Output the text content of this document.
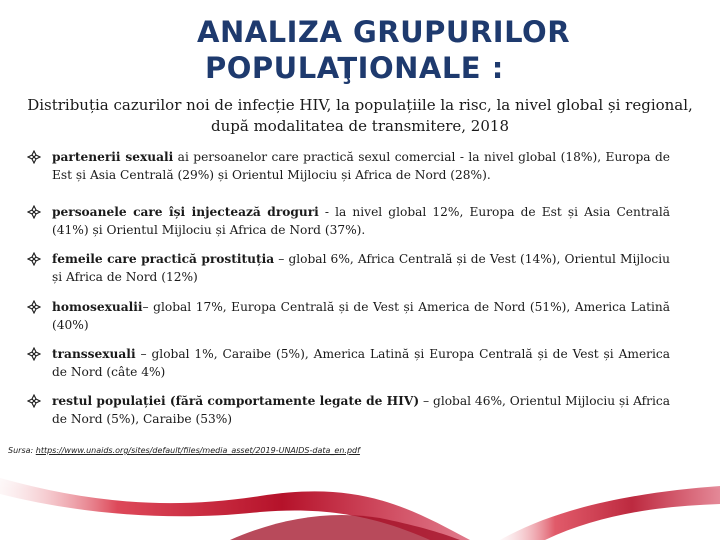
ANALIZA GRUPURILOR
POPULAŢIONALE :
Distribuția cazurilor noi de infecție HIV, la populațiile la risc, la nivel global și regional, după modalitatea de transmitere, 2018
partenerii sexuali ai persoanelor care practică sexul comercial - la nivel global (18%), Europa de Est și Asia Centrală (29%) și Orientul Mijlociu și Africa de Nord (28%).
persoanele care își injectează droguri - la nivel global 12%, Europa de Est și Asia Centrală (41%) și Orientul Mijlociu și Africa de Nord (37%).
femeile care practică prostituția – global 6%, Africa Centrală și de Vest (14%), Orientul Mijlociu și Africa de Nord (12%)
homosexualii– global 17%, Europa Centrală și de Vest și America de Nord (51%), America Latină (40%)
transsexuali – global 1%, Caraibe (5%), America Latină și Europa Centrală și de Vest și America de Nord (câte 4%)
restul populației (fără comportamente legate de HIV) – global 46%, Orientul Mijlociu și Africa de Nord (5%), Caraibe (53%)
Sursa: https://www.unaids.org/sites/default/files/media_asset/2019-UNAIDS-data_en.pdf
